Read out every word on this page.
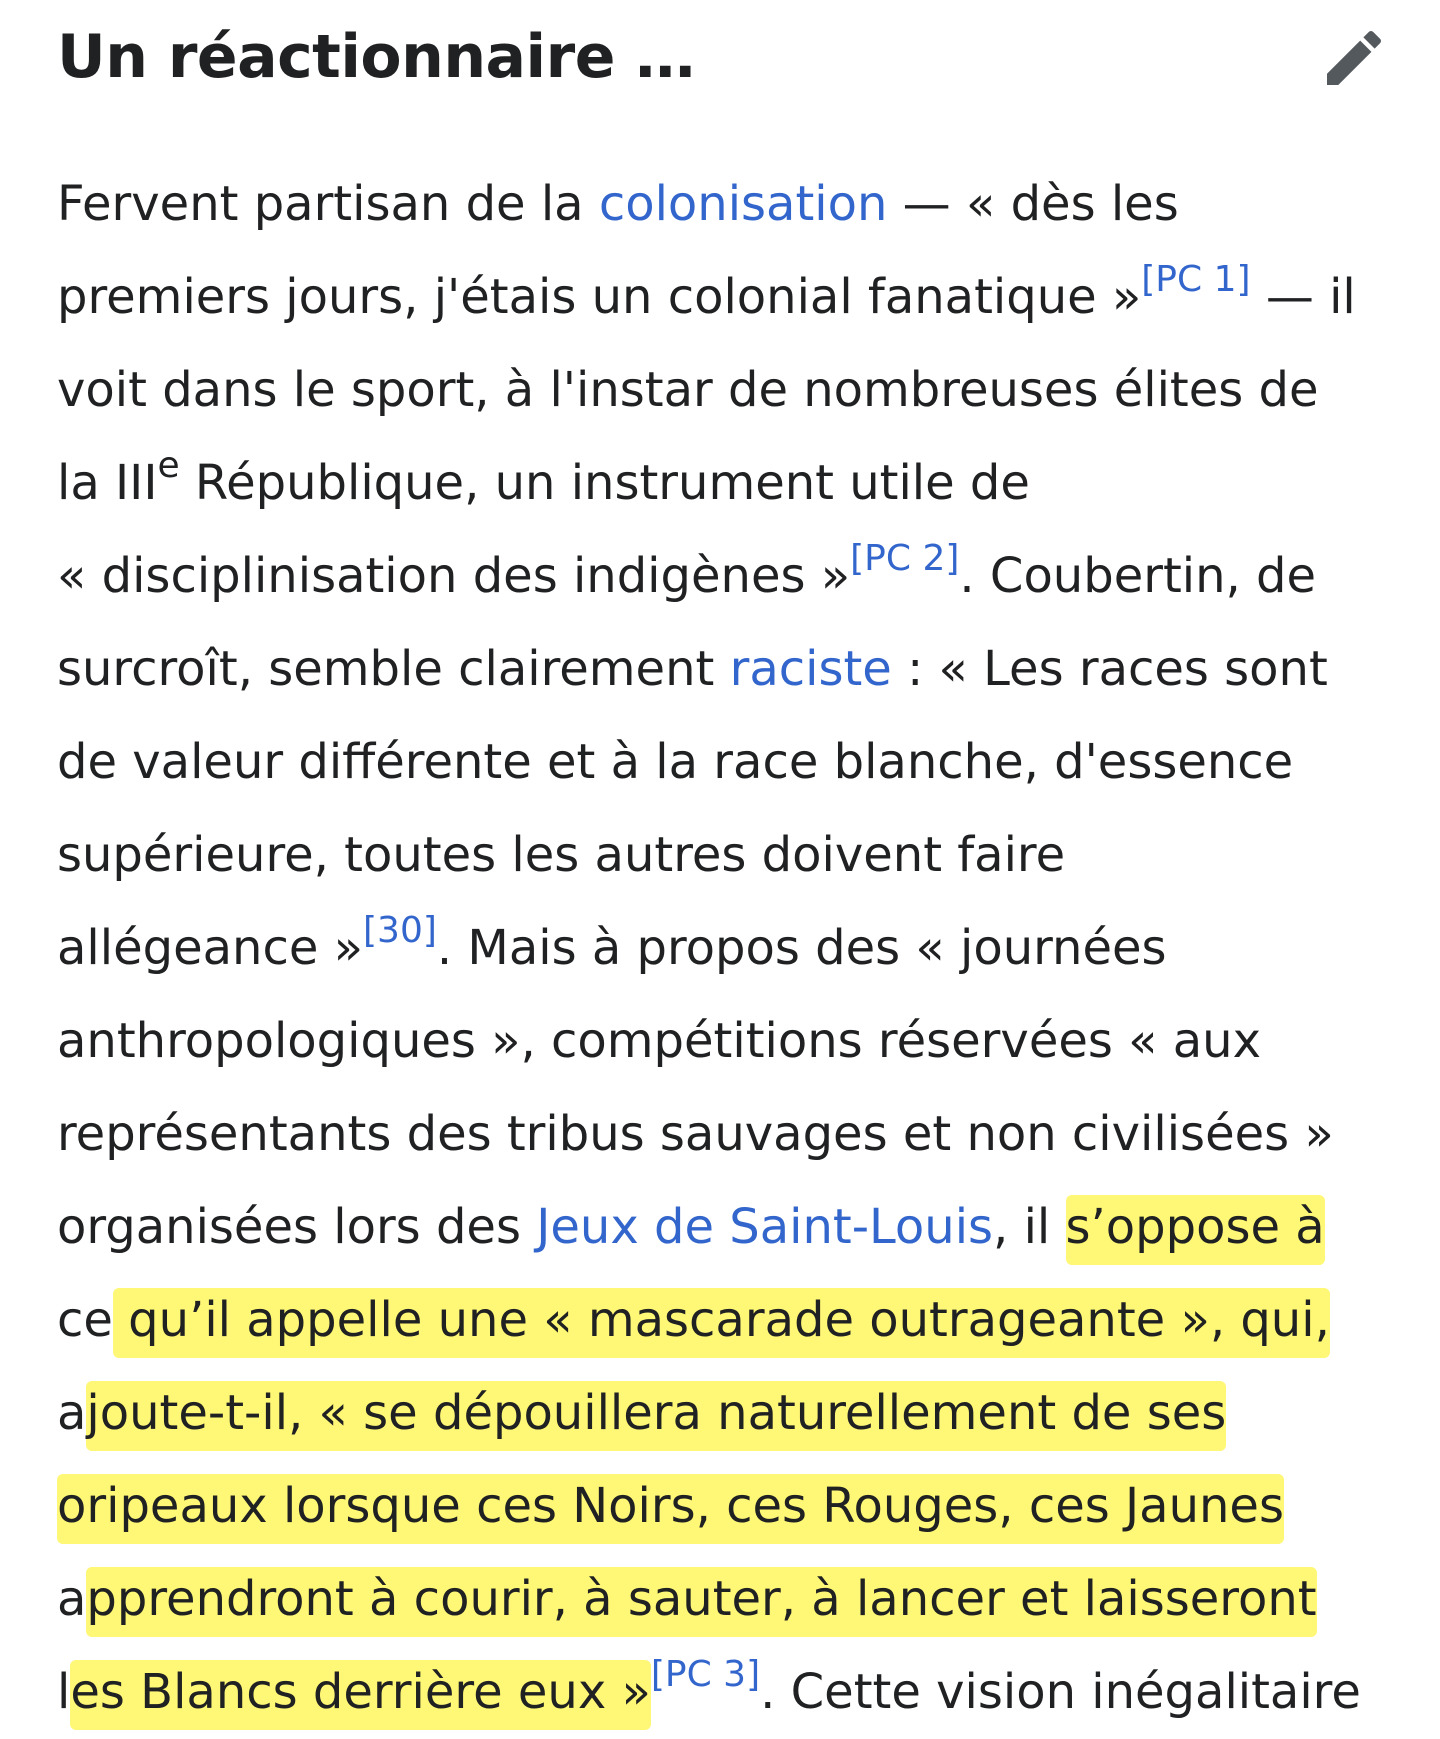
Un réactionnaire …
Fervent partisan de la colonisation — « dès les
premiers jours, j'étais un colonial fanatique »[PC 1] — il
voit dans le sport, à l'instar de nombreuses élites de
la IIIe République, un instrument utile de
« disciplinisation des indigènes »[PC 2]. Coubertin, de
surcroît, semble clairement raciste : « Les races sont
de valeur différente et à la race blanche, d'essence
supérieure, toutes les autres doivent faire
allégeance »[30]. Mais à propos des « journées
anthropologiques », compétitions réservées « aux
représentants des tribus sauvages et non civilisées »
organisées lors des Jeux de Saint-Louis, il s’oppose à
ce qu’il appelle une « mascarade outrageante », qui,
ajoute-t-il, « se dépouillera naturellement de ses
oripeaux lorsque ces Noirs, ces Rouges, ces Jaunes
apprendront à courir, à sauter, à lancer et laisseront
les Blancs derrière eux »[PC 3]. Cette vision inégalitaire
